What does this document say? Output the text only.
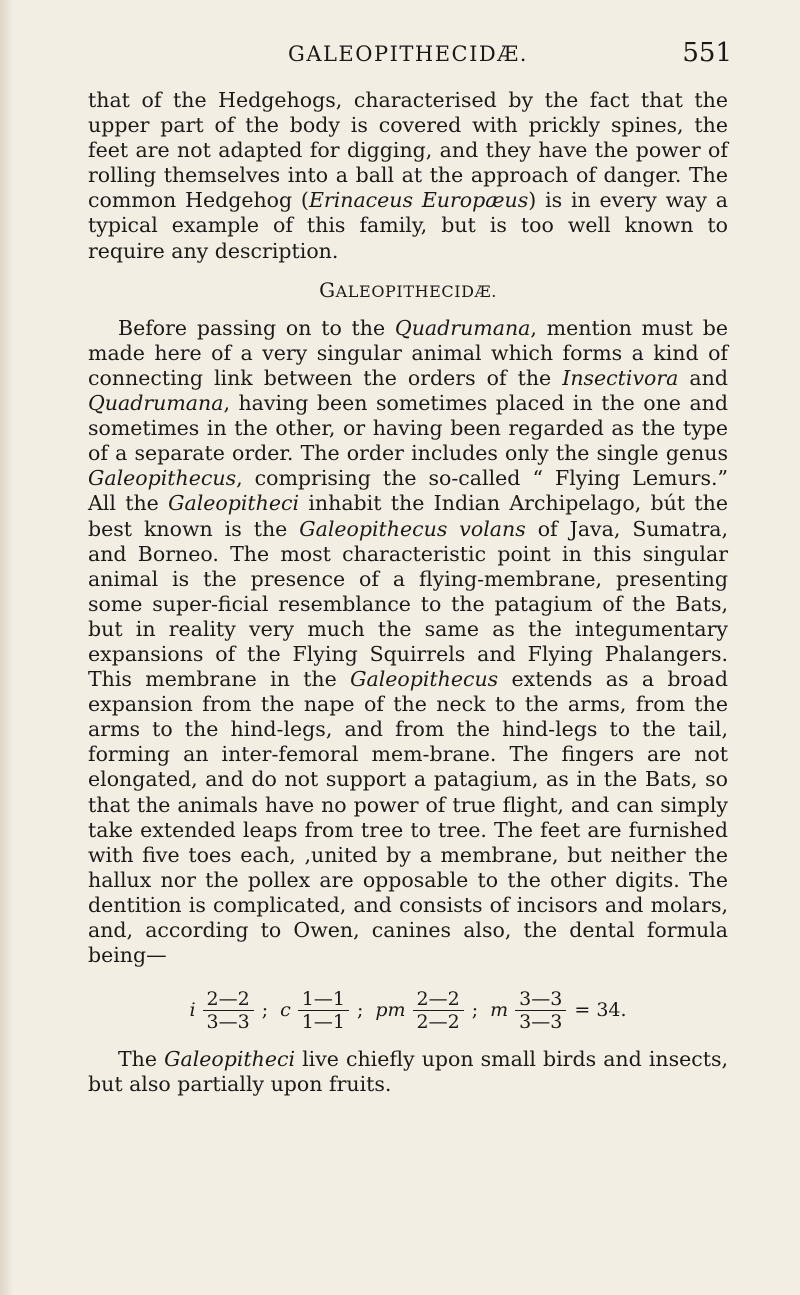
GALEOPITHECIDÆ.	551

that of the Hedgehogs, characterised by the fact that the upper part of the body is covered with prickly spines, the feet are not adapted for digging, and they have the power of rolling themselves into a ball at the approach of danger. The common Hedgehog (Erinaceus Europæus) is in every way a typical example of this family, but is too well known to require any description.

GALEOPITHECIDÆ.

Before passing on to the Quadrumana, mention must be made here of a very singular animal which forms a kind of connecting link between the orders of the Insectivora and Quadrumana, having been sometimes placed in the one and sometimes in the other, or having been regarded as the type of a separate order. The order includes only the single genus Galeopithecus, comprising the so-called “ Flying Lemurs.” All the Galeopitheci inhabit the Indian Archipelago, bút the best known is the Galeopithecus volans of Java, Sumatra, and Borneo. The most characteristic point in this singular animal is the presence of a flying-membrane, presenting some super-ficial resemblance to the patagium of the Bats, but in reality very much the same as the integumentary expansions of the Flying Squirrels and Flying Phalangers. This membrane in the Galeopithecus extends as a broad expansion from the nape of the neck to the arms, from the arms to the hind-legs, and from the hind-legs to the tail, forming an inter-femoral mem-brane. The fingers are not elongated, and do not support a patagium, as in the Bats, so that the animals have no power of true flight, and can simply take extended leaps from tree to tree. The feet are furnished with five toes each, ,united by a membrane, but neither the hallux nor the pollex are opposable to the other digits. The dentition is complicated, and consists of incisors and molars, and, according to Owen, canines also, the dental formula being—

i $\frac{2—2}{3—3}$ ; c $\frac{1—1}{1—1}$ ; pm $\frac{2—2}{2—2}$ ; m $\frac{3—3}{3—3} = 34$.

The Galeopitheci live chiefly upon small birds and insects, but also partially upon fruits.
